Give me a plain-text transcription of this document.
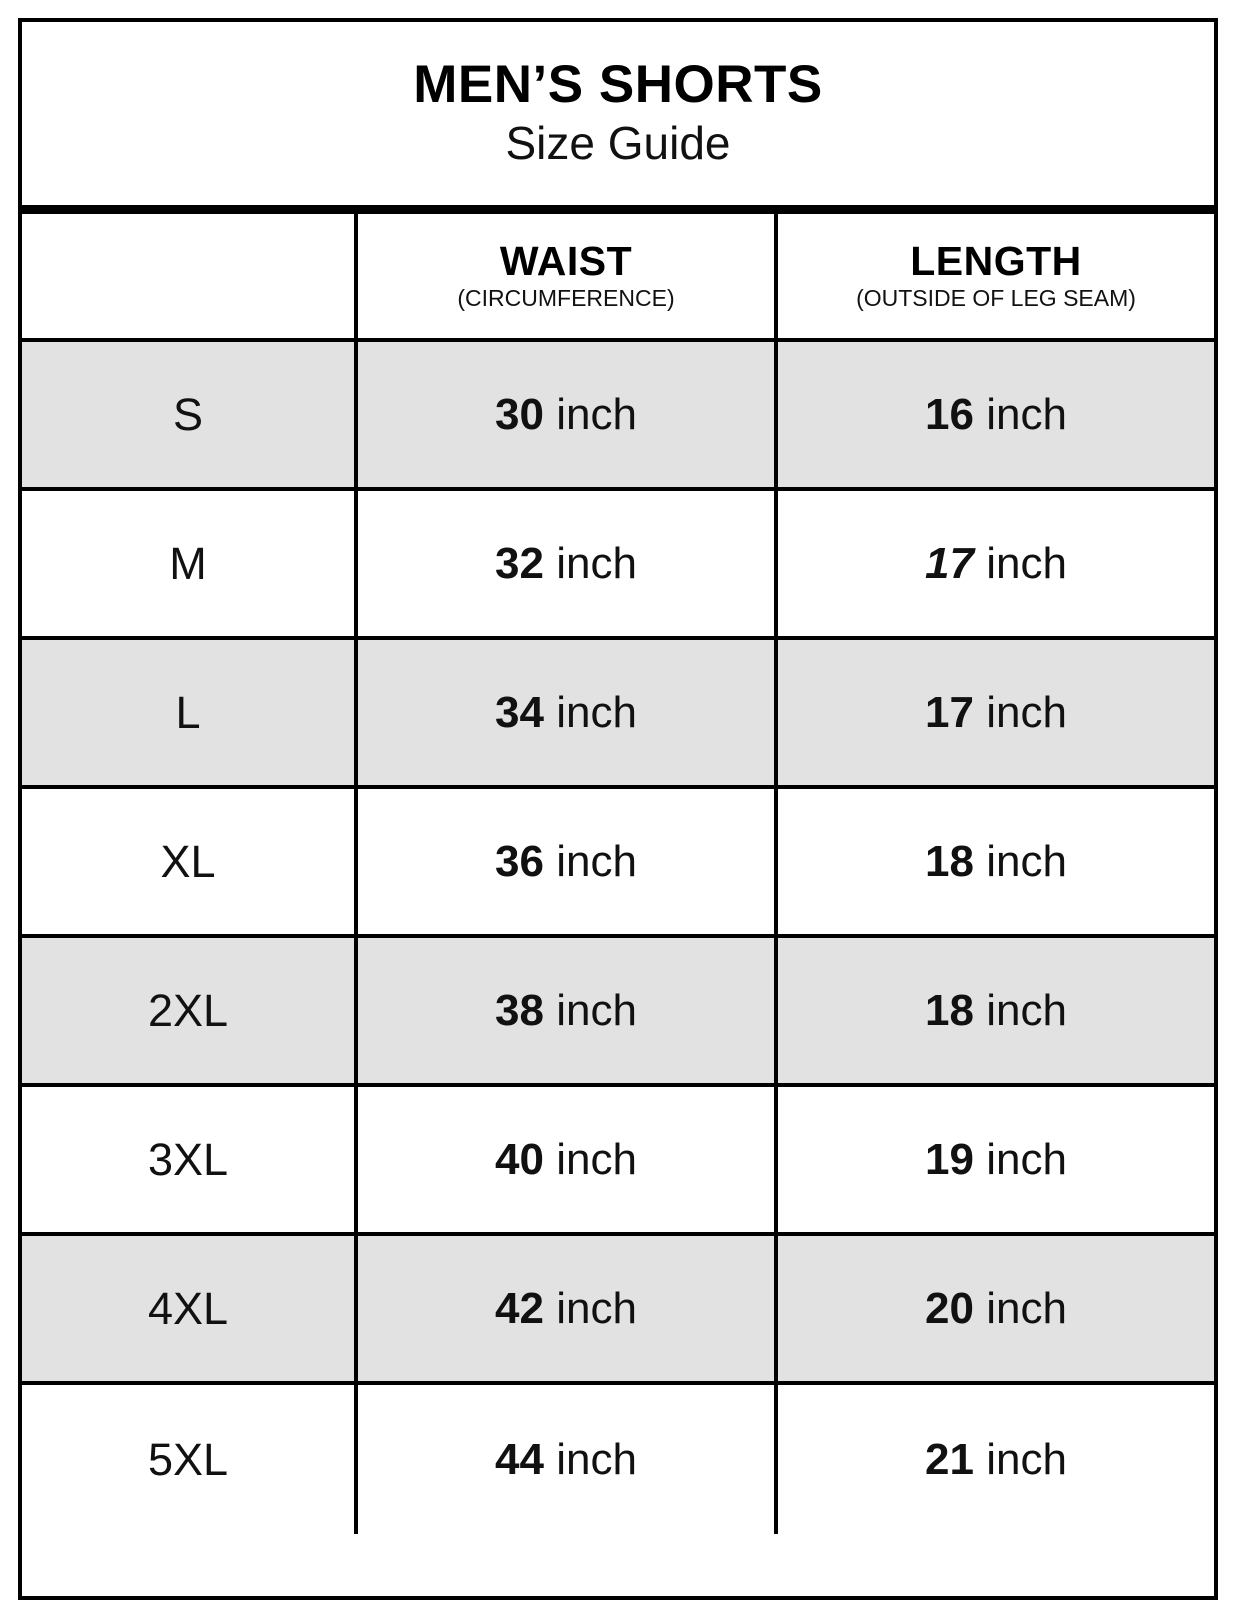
MEN’S SHORTS
Size Guide
WAIST
(CIRCUMFERENCE)
LENGTH
(OUTSIDE OF LEG SEAM)
S	30 inch	16 inch
M	32 inch	17 inch
L	34 inch	17 inch
XL	36 inch	18 inch
2XL	38 inch	18 inch
3XL	40 inch	19 inch
4XL	42 inch	20 inch
5XL	44 inch	21 inch
